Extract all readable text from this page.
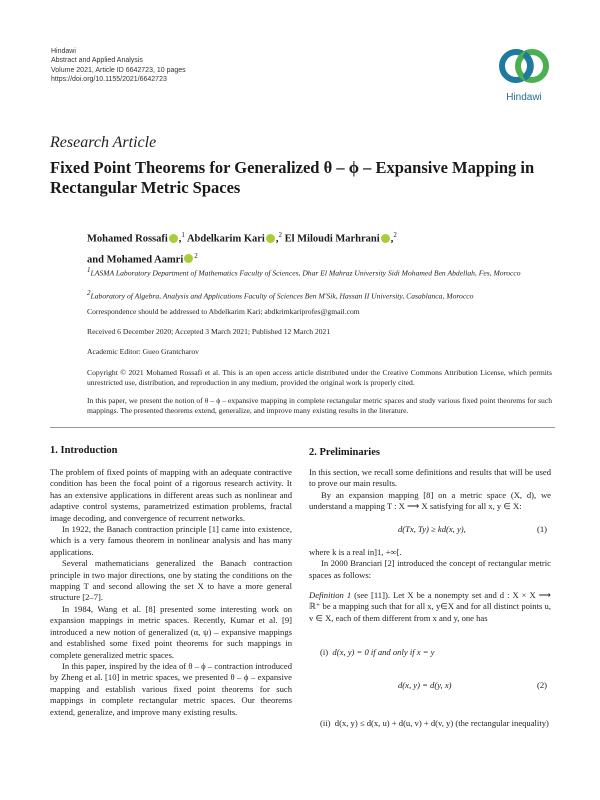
Hindawi
Abstract and Applied Analysis
Volume 2021, Article ID 6642723, 10 pages
https://doi.org/10.1155/2021/6642723
Hindawi
Research Article
Fixed Point Theorems for Generalized θ – ϕ – Expansive Mapping in Rectangular Metric Spaces
Mohamed Rossafi ,$^1$ Abdelkarim Kari ,$^2$ El Miloudi Marhrani ,$^2$
and Mohamed Aamri $^2$
1LASMA Laboratory Department of Mathematics Faculty of Sciences, Dhar El Mahraz University Sidi Mohamed Ben Abdellah, Fes, Morocco
2Laboratory of Algebra, Analysis and Applications Faculty of Sciences Ben M'Sik, Hassan II University, Casablanca, Morocco
Correspondence should be addressed to Abdelkarim Kari; abdkrimkariprofes@gmail.com
Received 6 December 2020; Accepted 3 March 2021; Published 12 March 2021
Academic Editor: Gueo Grantcharov
Copyright © 2021 Mohamed Rossafi et al. This is an open access article distributed under the Creative Commons Attribution License, which permits unrestricted use, distribution, and reproduction in any medium, provided the original work is properly cited.
In this paper, we present the notion of θ – ϕ – expansive mapping in complete rectangular metric spaces and study various fixed point theorems for such mappings. The presented theorems extend, generalize, and improve many existing results in the literature.
1. Introduction

The problem of fixed points of mapping with an adequate contractive condition has been the focal point of a rigorous research activity. It has an extensive applications in different areas such as nonlinear and adaptive control systems, parametrized estimation problems, fractal image decoding, and convergence of recurrent networks.

In 1922, the Banach contraction principle [1] came into existence, which is a very famous theorem in nonlinear analysis and has many applications.

Several mathematicians generalized the Banach contraction principle in two major directions, one by stating the conditions on the mapping T and second allowing the set X to have a more general structure [2–7].

In 1984, Wang et al. [8] presented some interesting work on expansion mappings in metric spaces. Recently, Kumar et al. [9] introduced a new notion of generalized (α, ψ) – expansive mappings and established some fixed point theorems for such mappings in complete generalized metric spaces.

In this paper, inspired by the idea of θ – ϕ – contraction introduced by Zheng et al. [10] in metric spaces, we presented θ – ϕ – expansive mapping and establish various fixed point theorems for such mappings in complete rectangular metric spaces. Our theorems extend, generalize, and improve many existing results.

2. Preliminaries

In this section, we recall some definitions and results that will be used to prove our main results.

By an expansion mapping [8] on a metric space (X, d), we understand a mapping T : X ⟶ X satisfying for all x, y ∈ X:

d(Tx, Ty) ≥ kd(x, y),	(1)

where k is a real in]1, +∞[.

In 2000 Branciari [2] introduced the concept of rectangular metric spaces as follows:

Definition 1 (see [11]). Let X be a nonempty set and d : X × X ⟶ ℝ⁺ be a mapping such that for all x, y∈X and for all distinct points u, v ∈ X, each of them different from x and y, one has
(i) d(x, y) = 0 if and only if x = y
d(x, y) = d(y, x)	(2)
(ii) d(x, y) ≤ d(x, u) + d(u, v) + d(v, y) (the rectangular inequality)
